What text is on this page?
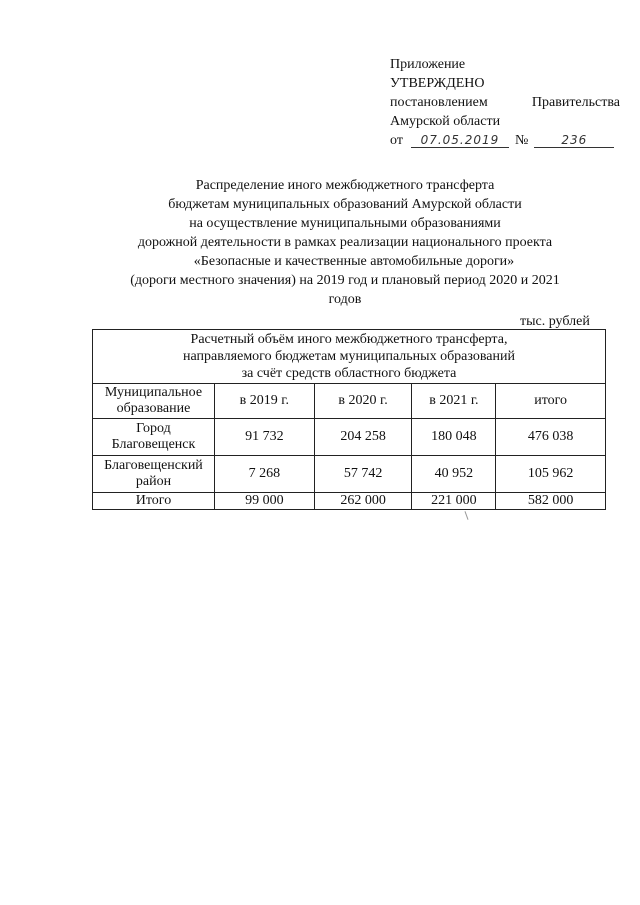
Приложение
УТВЕРЖДЕНО
постановлением	Правительства
Амурской области
от	07.05.2019	№	236
Распределение иного межбюджетного трансферта
бюджетам муниципальных образований Амурской области
на осуществление муниципальными образованиями
дорожной деятельности в рамках реализации национального проекта
«Безопасные и качественные автомобильные дороги»
(дороги местного значения) на 2019 год и плановый период 2020 и 2021
годов
тыс. рублей
Расчетный объём иного межбюджетного трансферта,
направляемого бюджетам муниципальных образований
за счёт средств областного бюджета				

Муниципальное образование	в 2019 г.	в 2020 г.	в 2021 г.	итого
Город Благовещенск	91 732	204 258	180 048	476 038
Благовещенский район	7 268	57 742	40 952	105 962
Итого	99 000	262 000	221 000	582 000
